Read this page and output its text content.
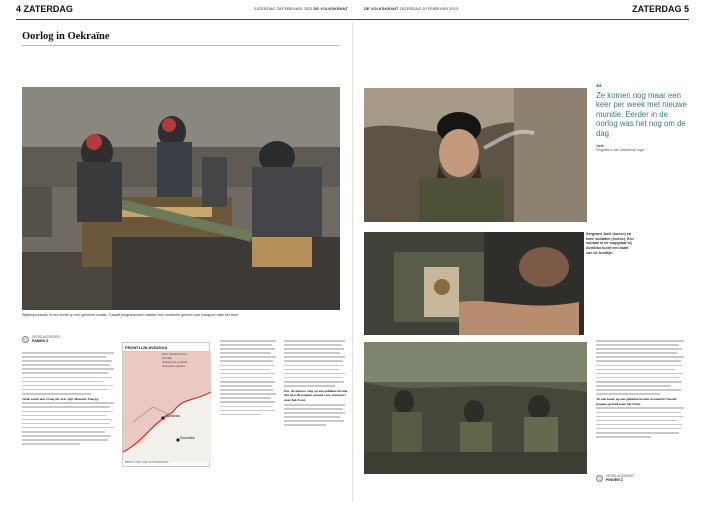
4 ZATERDAG	ZATERDAG 25 FEBRUARI 2023 DE VOLKSKRANT	DE VOLKSKRANT ZATERDAG 25 FEBRUARI 2023	ZATERDAG 5
Oorlog in Oekraïne
Wapenproductie in een loods op een geheime locatie. Tussoff programmeert malaise hier mortieren gereed voor transport naar het front.
VERSLAGGEVER
FABIEN Z

Jarik rennt een vraag uit over zijn Monster Energy.

FRONTLIJN AVDIIVKA
Avdiivka
Donetsk
BRON: ISW / DE VOLKSKRANT
Door Rusland bezet
Frontlijn
Oekraïense controle
Gevochten gebied

Pas' de nieuwe vlag op een geheime locatie dus tussoff jongens gereed voor transport naar het front.

“
Ze komen nog maar een keer per week met nieuwe munitie. Eerder in de oorlog was het nog om de dag
Jarik
Sergeant in het Oekraïense leger
Sergeant Jarik (boven) en twee soldaten (rechts). Een soldaat in de loopgraaf bij Avdiivka toont een kaart van de frontlijn.

'In een loods op een geheime locatie strooieren Tussoff jongens gereed naar het front.'

VERSLAGGEVER
PINGEN Z
